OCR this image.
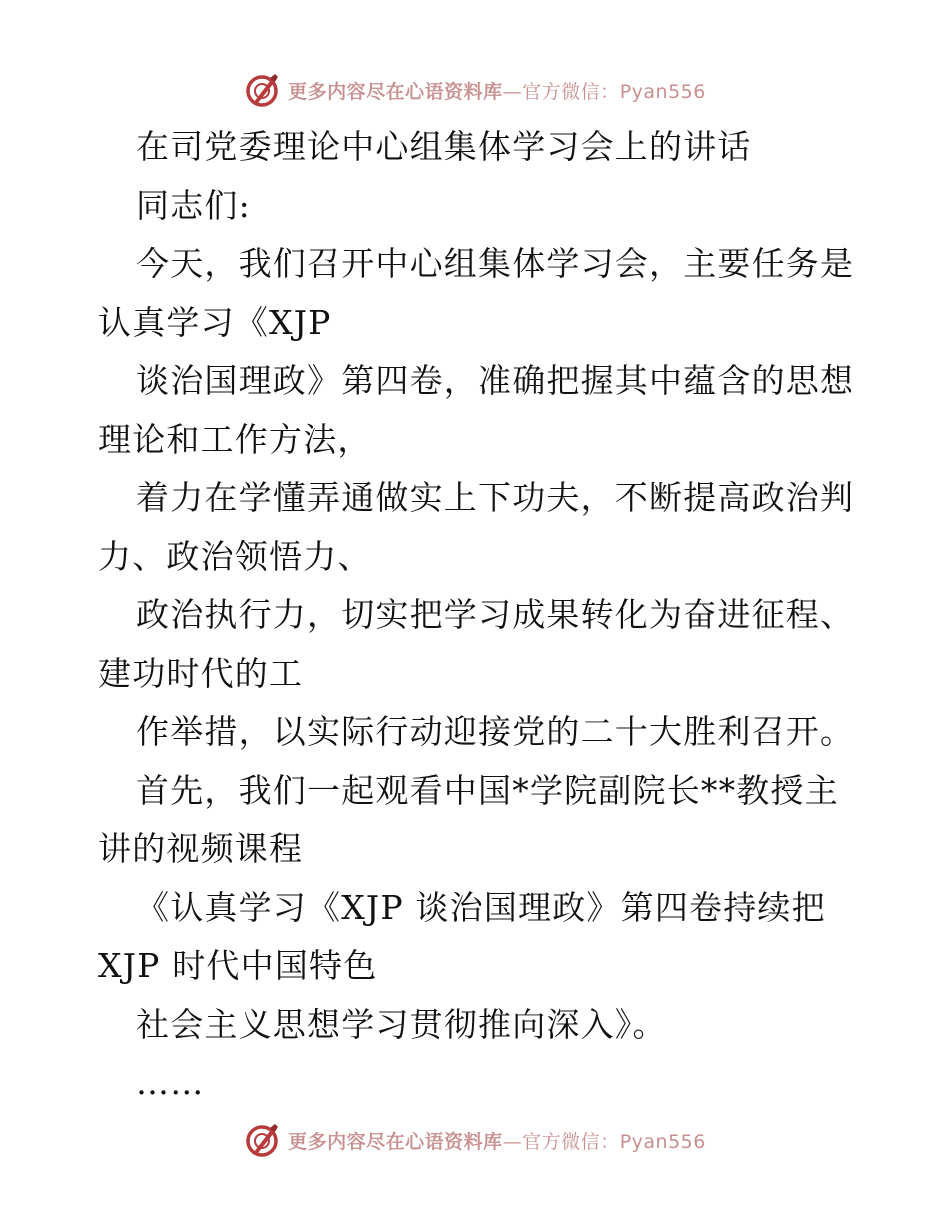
更多内容尽在心语资料库—官方微信：Pyan556
在司党委理论中心组集体学习会上的讲话
同志们:
今天，我们召开中心组集体学习会，主要任务是
认真学习《XJP
谈治国理政》第四卷，准确把握其中蕴含的思想
理论和工作方法，
着力在学懂弄通做实上下功夫，不断提高政治判
力、政治领悟力、
政治执行力，切实把学习成果转化为奋进征程、
建功时代的工
作举措，以实际行动迎接党的二十大胜利召开。
首先，我们一起观看中国*学院副院长**教授主
讲的视频课程
《认真学习《XJP 谈治国理政》第四卷持续把
XJP 时代中国特色
社会主义思想学习贯彻推向深入》。
……
更多内容尽在心语资料库—官方微信：Pyan556
